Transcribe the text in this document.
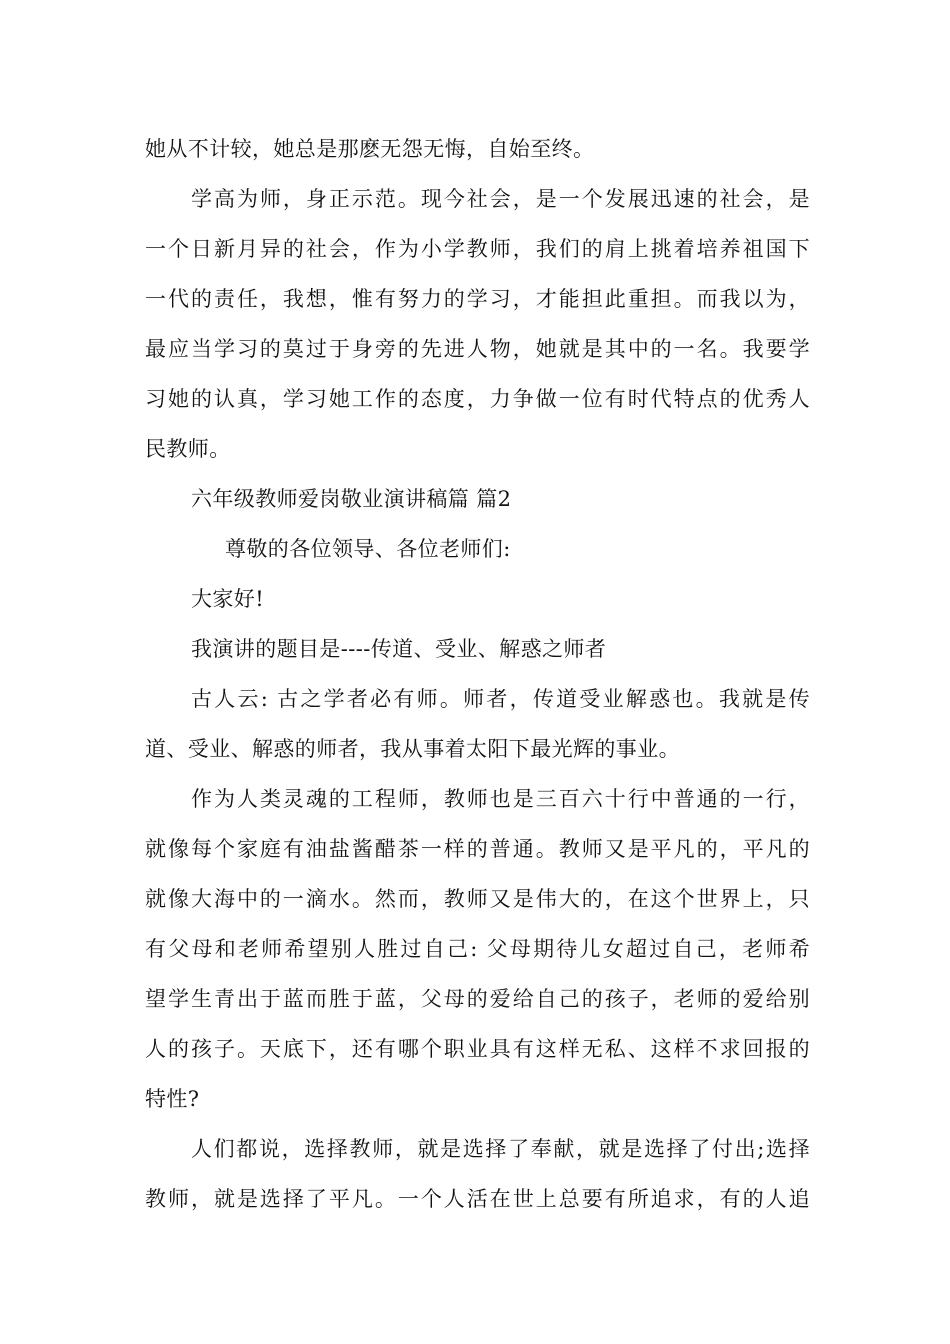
她从不计较，她总是那麽无怨无悔，自始至终。
学高为师，身正示范。现今社会，是一个发展迅速的社会，是
一个日新月异的社会，作为小学教师，我们的肩上挑着培养祖国下
一代的责任，我想，惟有努力的学习，才能担此重担。而我以为，
最应当学习的莫过于身旁的先进人物，她就是其中的一名。我要学
习她的认真，学习她工作的态度，力争做一位有时代特点的优秀人
民教师。
六年级教师爱岗敬业演讲稿篇 篇2
尊敬的各位领导、各位老师们:
大家好!
我演讲的题目是----传道、受业、解惑之师者
古人云: 古之学者必有师。师者，传道受业解惑也。我就是传
道、受业、解惑的师者，我从事着太阳下最光辉的事业。
作为人类灵魂的工程师，教师也是三百六十行中普通的一行，
就像每个家庭有油盐酱醋茶一样的普通。教师又是平凡的，平凡的
就像大海中的一滴水。然而，教师又是伟大的，在这个世界上，只
有父母和老师希望别人胜过自己: 父母期待儿女超过自己，老师希
望学生青出于蓝而胜于蓝，父母的爱给自己的孩子，老师的爱给别
人的孩子。天底下，还有哪个职业具有这样无私、这样不求回报的
特性?
人们都说，选择教师，就是选择了奉献，就是选择了付出;选择
教师，就是选择了平凡。一个人活在世上总要有所追求，有的人追
